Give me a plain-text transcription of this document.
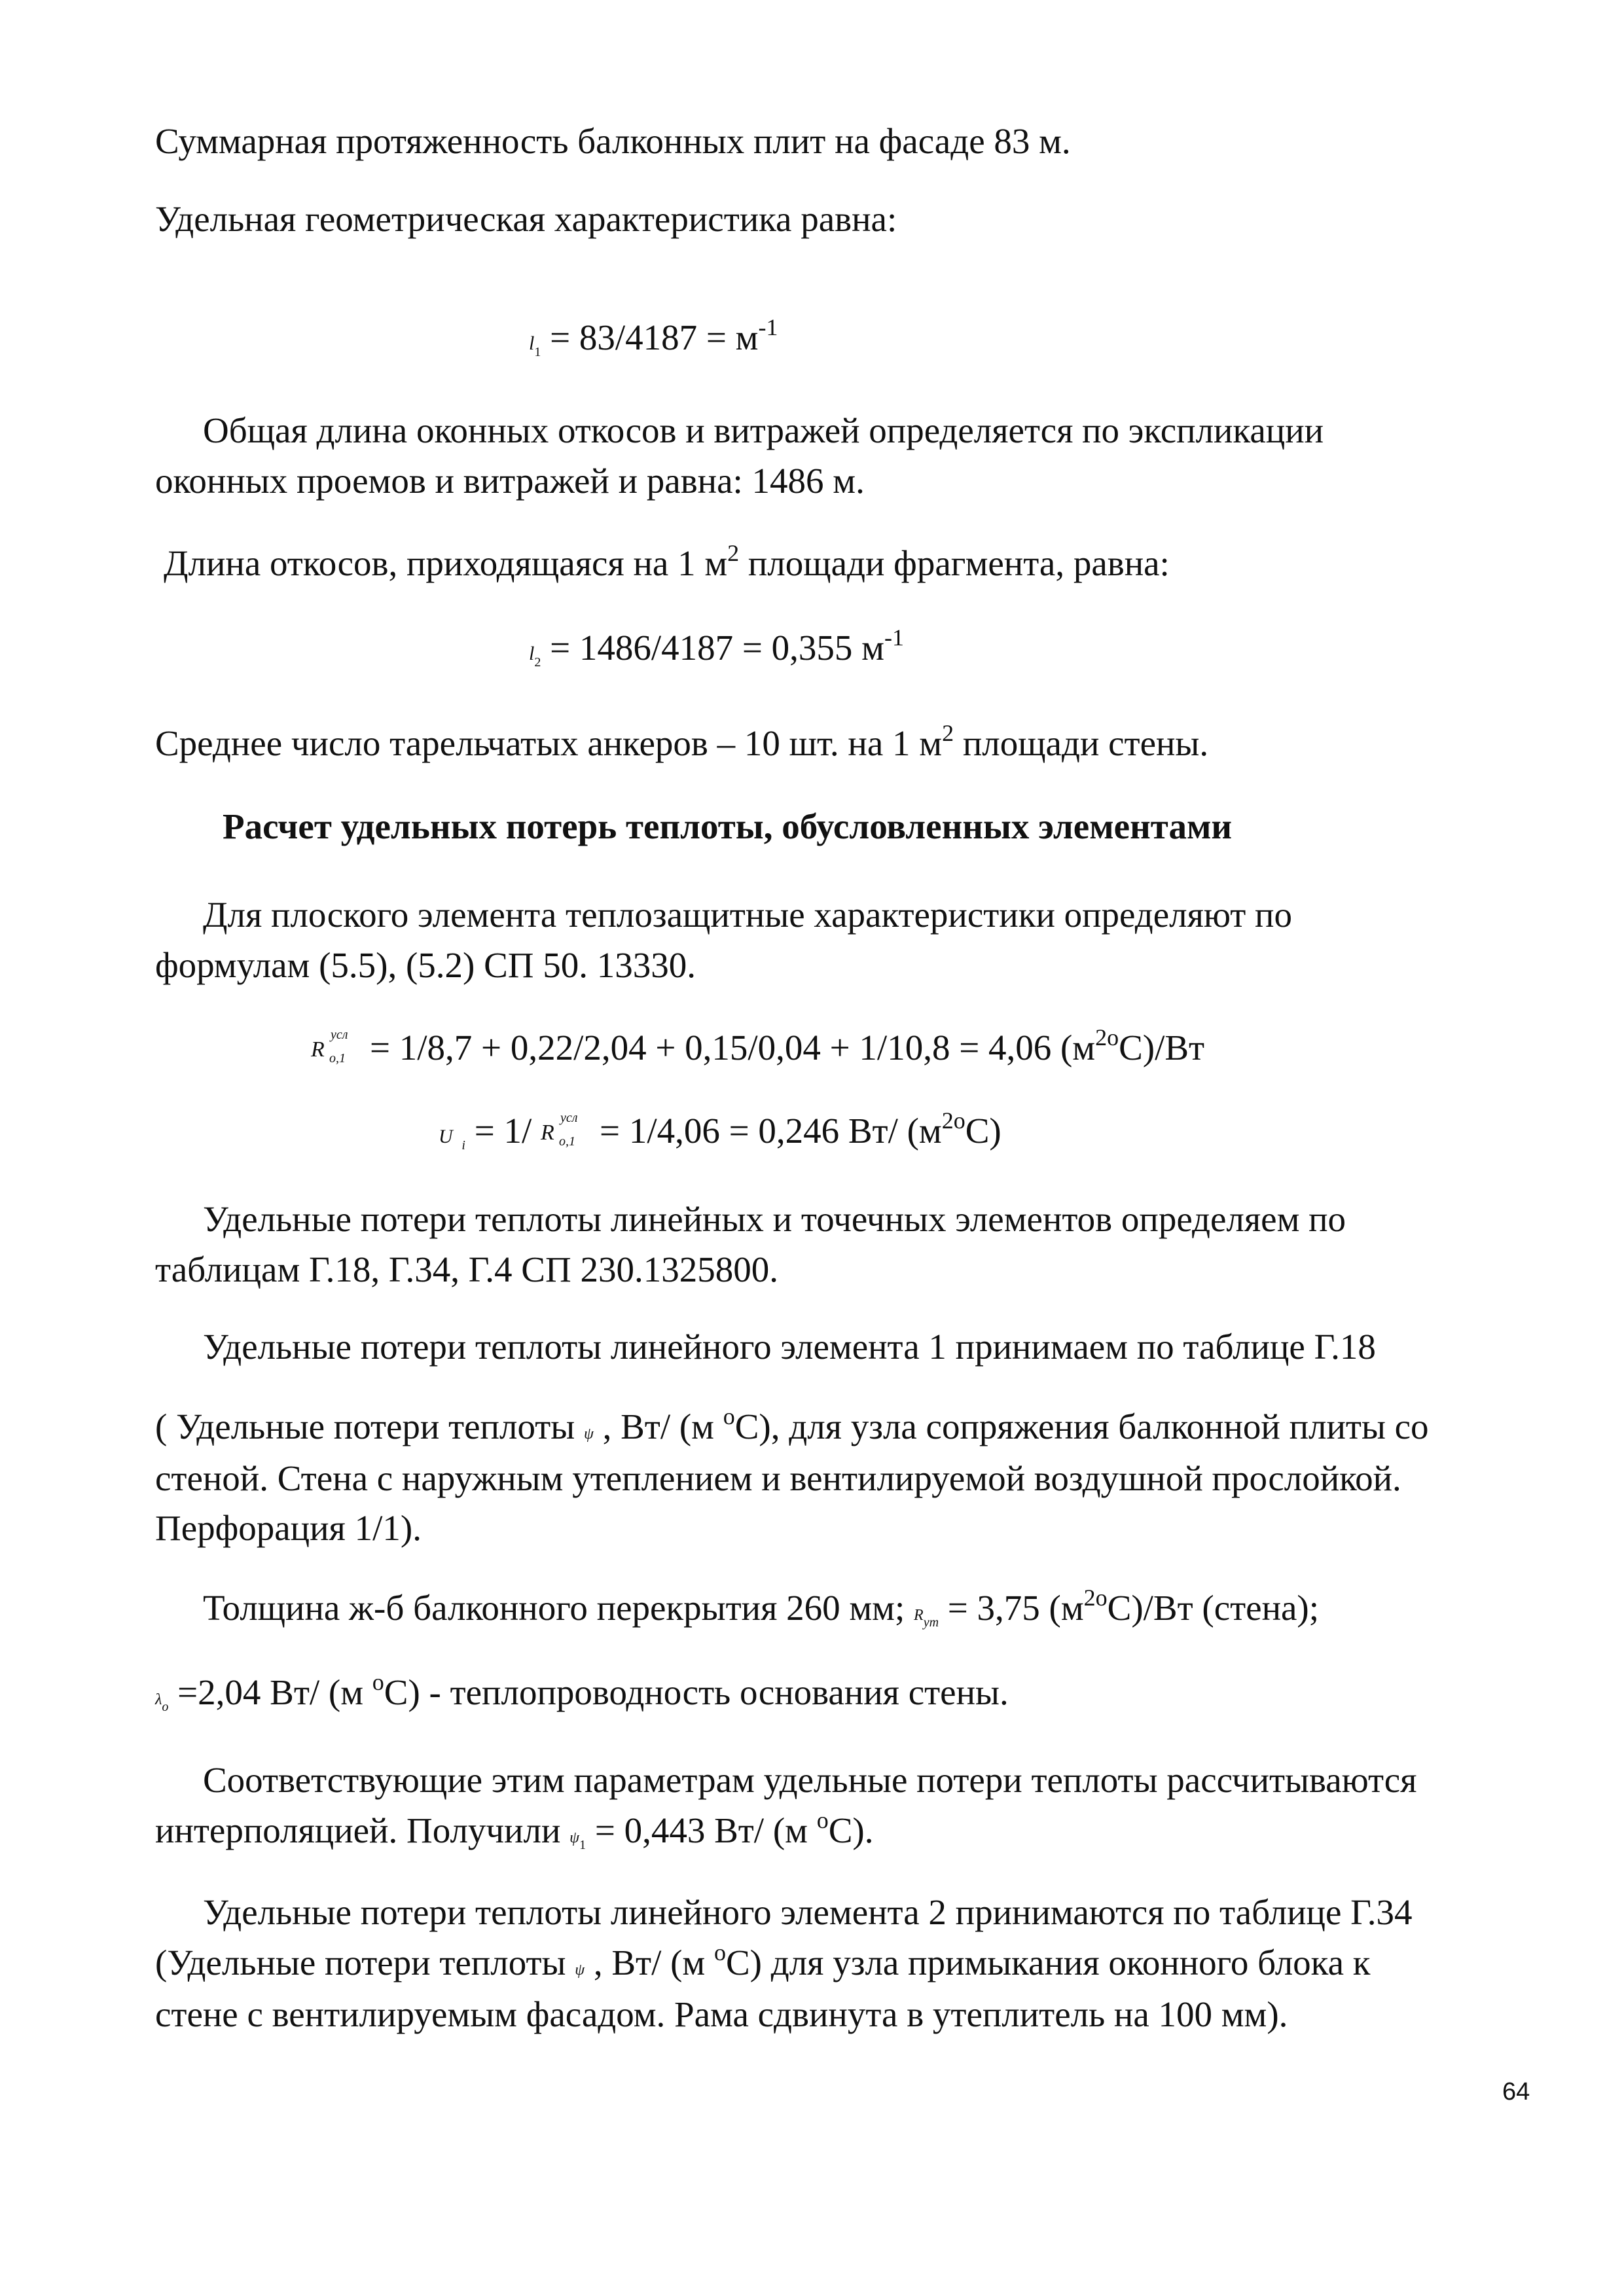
Суммарная протяженность балконных плит на фасаде 83 м.
Удельная геометрическая характеристика равна:
$l_1 = 83/4187 = м^{-1}$
Общая длина оконных откосов и витражей определяется по экспликации
оконных проемов и витражей и равна: 1486 м.
Длина откосов, приходящаяся на 1 $м^2$ площади фрагмента, равна:
$l_2 = 1486/4187 = 0,355$ $м^{-1}$
Среднее число тарельчатых анкеров – 10 шт. на 1 $м^2$ площади стены.
Расчет удельных потерь теплоты, обусловленных элементами
Для плоского элемента теплозащитные характеристики определяют по
формулам (5.5), (5.2) СП 50. 13330.
R
усл
о,1 = 1/8,7 + 0,22/2,04 + 0,15/0,04 + 1/10,8 = 4,06 $(м^{2o}С)/Вт$
U i = 1/ R
усл
о,1 = 1/4,06 = 0,246 Вт/ $(м^{2o}С)$
Удельные потери теплоты линейных и точечных элементов определяем по
таблицам Г.18, Г.34, Г.4 СП 230.1325800.
Удельные потери теплоты линейного элемента 1 принимаем по таблице Г.18
( Удельные потери теплоты ψ , Вт/ (м $^o$С), для узла сопряжения балконной плиты со
стеной. Стена с наружным утеплением и вентилируемой воздушной прослойкой.
Перфорация 1/1).
Толщина ж-б балконного перекрытия 260 мм; Rут = 3,75 $(м^{2o}С)/Вт$ (стена);
λо =2,04 Вт/ (м $^o$С) - теплопроводность основания стены.
Соответствующие этим параметрам удельные потери теплоты рассчитываются
интерполяцией. Получили $\psi_1 = 0,443$ Вт/ (м $^o$С).
Удельные потери теплоты линейного элемента 2 принимаются по таблице Г.34
(Удельные потери теплоты ψ , Вт/ (м $^o$С) для узла примыкания оконного блока к
стене с вентилируемым фасадом. Рама сдвинута в утеплитель на 100 мм).
64
